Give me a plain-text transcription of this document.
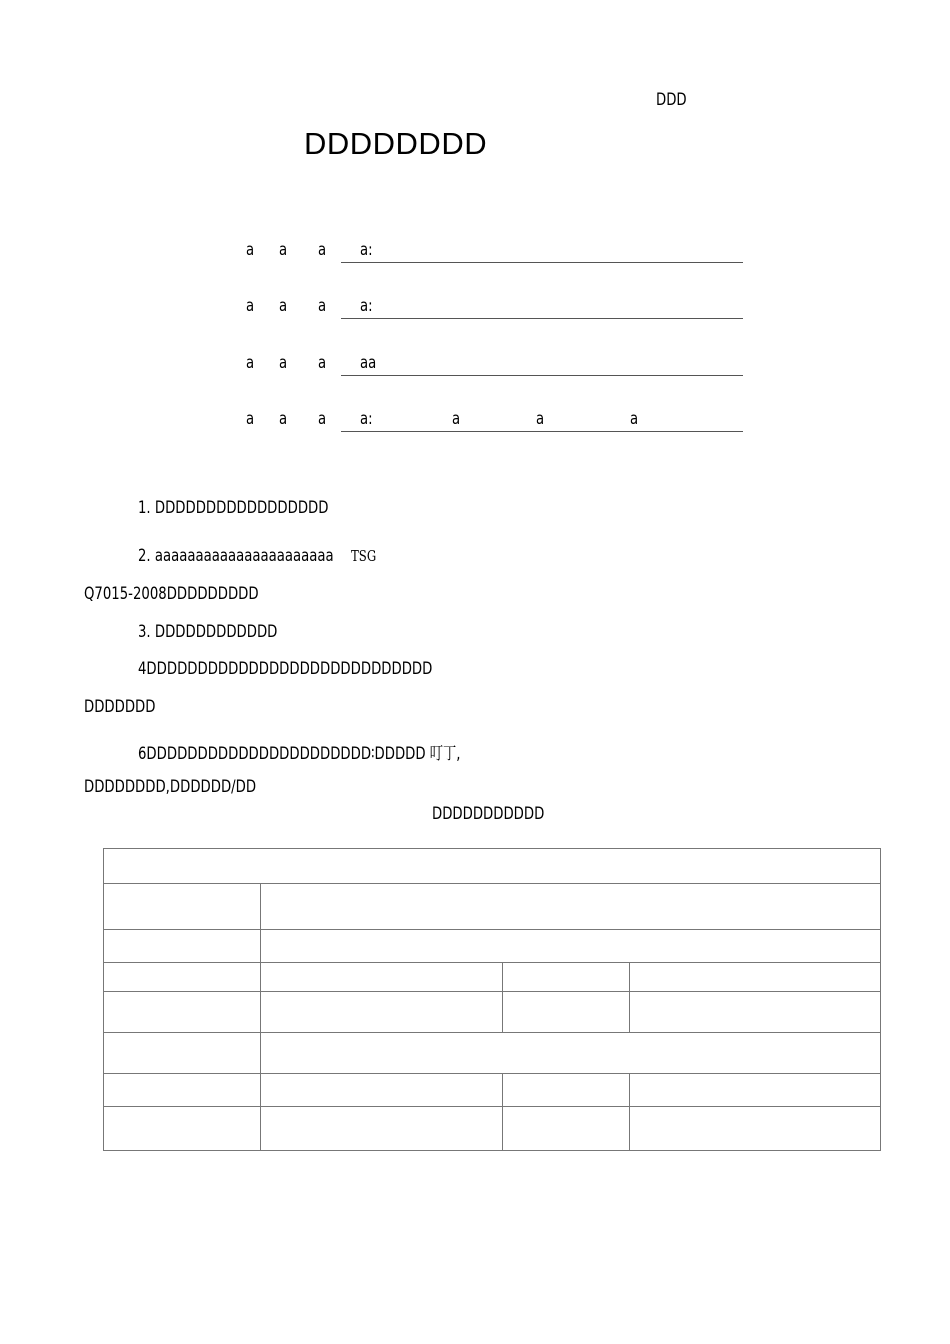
DDD
DDDDDDDD
a a a a:
a a a a:
a a a aa
a a a a:	a	a	a
1. DDDDDDDDDDDDDDDDD
2. aaaaaaaaaaaaaaaaaaaaaa TSG
Q7015-2008DDDDDDDDD
3. DDDDDDDDDDDD
4DDDDDDDDDDDDDDDDDDDDDDDDDDDD
DDDDDDD
6DDDDDDDDDDDDDDDDDDDDDD∶DDDDD 叮丁,
DDDDDDDD,DDDDDD/DD
DDDDDDDDDDD
